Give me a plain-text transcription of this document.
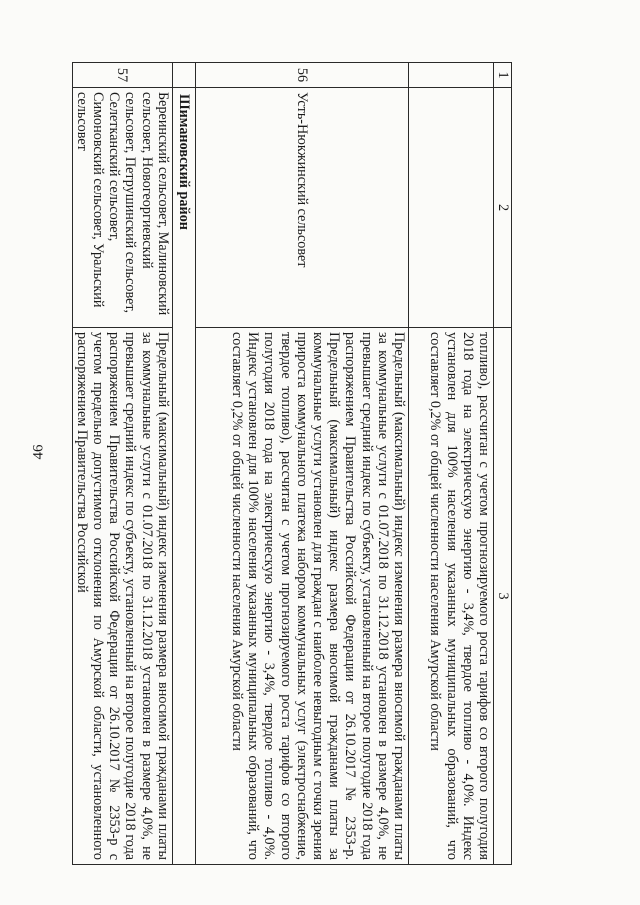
46
1	2	3
		топливо), рассчитан с учетом прогнозируемого роста тарифов со второго полугодия 2018 года на электрическую энергию - 3,4%, твердое топливо - 4,0%. Индекс установлен для 100% населения указанных муниципальных образований, что составляет 0,2% от общей численности населения Амурской области
56	Усть-Нюкжинский сельсовет	Предельный (максимальный) индекс изменения размера вносимой гражданами платы за коммунальные услуги с 01.07.2018 по 31.12.2018 установлен в размере 4,0%, не превышает средний индекс по субъекту, установленный на второе полугодие 2018 года распоряжением Правительства Российской Федерации от 26.10.2017 № 2353-р. Предельный (максимальный) индекс размера вносимой гражданами платы за коммунальные услуги установлен для граждан с наиболее невыгодным с точки зрения прироста коммунального платежа набором коммунальных услуг (электроснабжение, твердое топливо), рассчитан с учетом прогнозируемого роста тарифов со второго полугодия 2018 года на электрическую энергию - 3,4%, твердое топливо - 4,0%. Индекс установлен для 100% населения указанных муниципальных образований, что составляет 0,2% от общей численности населения Амурской области
	Шимановский район	
57	Береинский сельсовет, Малиновский сельсовет, Новогеоргиевский сельсовет, Петрушинский сельсовет, Селетканский сельсовет, Симоновский сельсовет, Уральский сельсовет	Предельный (максимальный) индекс изменения размера вносимой гражданами платы за коммунальные услуги с 01.07.2018 по 31.12.2018 установлен в размере 4,0%, не превышает средний индекс по субъекту, установленный на второе полугодие 2018 года распоряжением Правительства Российской Федерации от 26.10.2017 № 2353-р с учетом предельно допустимого отклонения по Амурской области, установленного распоряжением Правительства Российской
